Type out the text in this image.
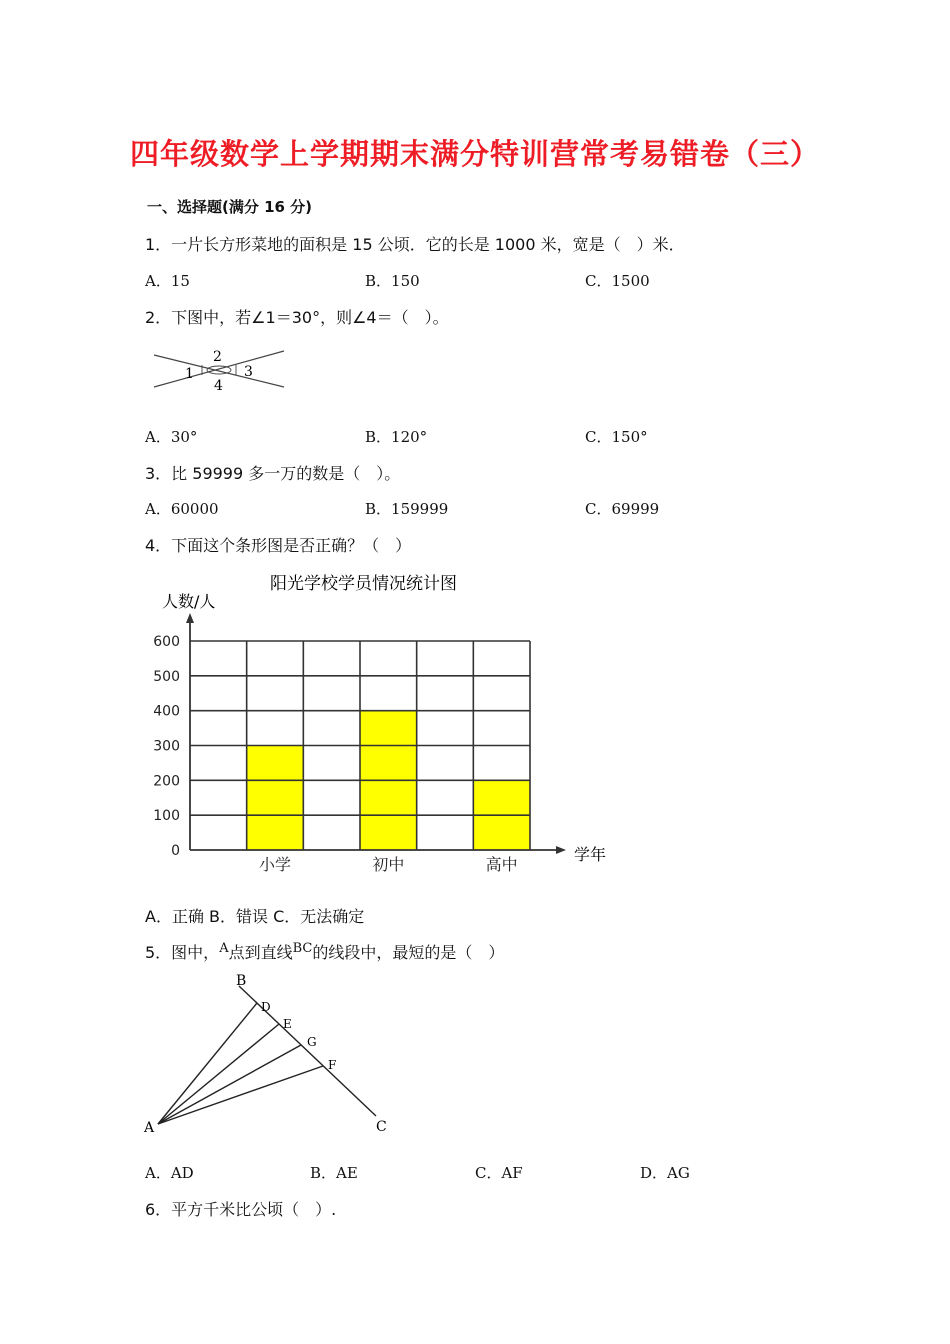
四年级数学上学期期末满分特训营常考易错卷（三）
一、选择题(满分 16 分)
1．一片长方形菜地的面积是 15 公顷．它的长是 1000 米，宽是（　）米．
A．15	B．150	C．1500
2．下图中，若∠1＝30°，则∠4＝（　）。
1
2
3
4
A．30°	B．120°	C．150°
3．比 59999 多一万的数是（　）。
A．60000	B．159999	C．69999
4．下面这个条形图是否正确？（　）
0
100
200
300
400
500
600
小学	初中	高中
阳光学校学员情况统计图
人数/人
学年
A．正确 B．错误 C．无法确定
5．图中，$^A$点到直线$^{BC}$的线段中，最短的是（　）
B
D
E
G
F
A	C
A．AD	B．AE	C．AF	D．AG
6．平方千米比公顷（　）.
